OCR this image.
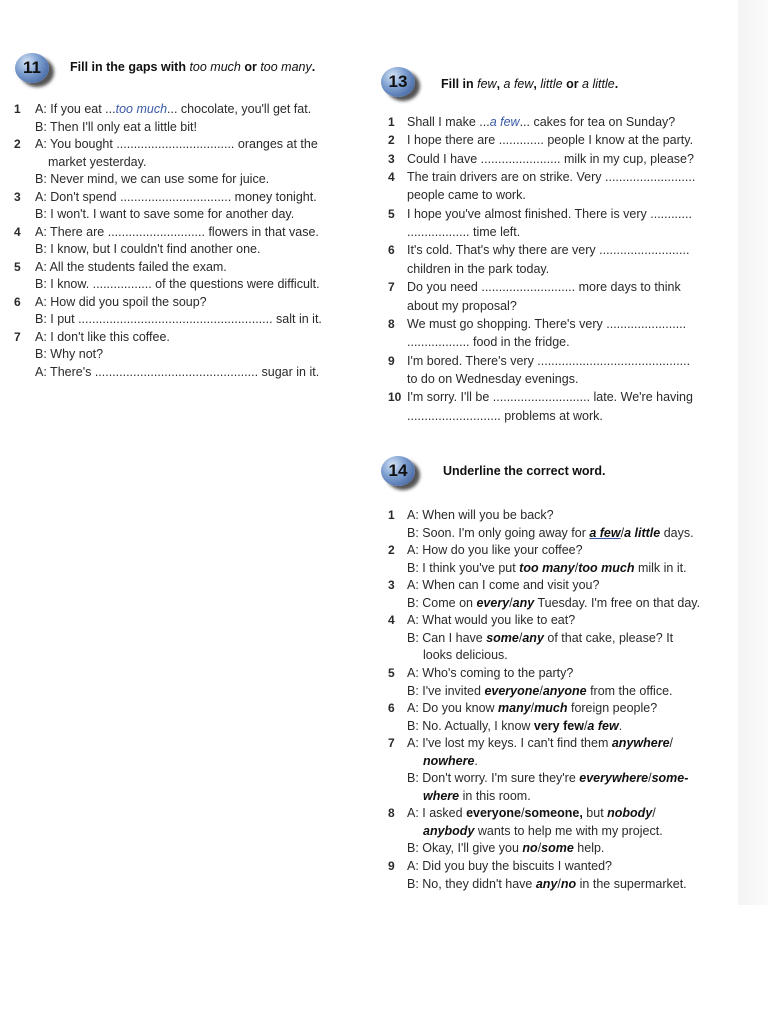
11	Fill in the gaps with too much or too many.
1 A: If you eat ...too much... chocolate, you'll get fat.
B: Then I'll only eat a little bit!
2 A: You bought .................................. oranges at the
market yesterday.
B: Never mind, we can use some for juice.
3 A: Don't spend ................................ money tonight.
B: I won't. I want to save some for another day.
4 A: There are ............................ flowers in that vase.
B: I know, but I couldn't find another one.
5 A: All the students failed the exam.
B: I know. ................. of the questions were difficult.
6 A: How did you spoil the soup?
B: I put ........................................................ salt in it.
7 A: I don't like this coffee.
B: Why not?
A: There's ............................................... sugar in it.
13	Fill in few, a few, little or a little.
1 Shall I make ...a few... cakes for tea on Sunday?
2 I hope there are ............. people I know at the party.
3 Could I have ....................... milk in my cup, please?
4 The train drivers are on strike. Very ..........................
people came to work.
5 I hope you've almost finished. There is very ............
.................. time left.
6 It's cold. That's why there are very ..........................
children in the park today.
7 Do you need ........................... more days to think
about my proposal?
8 We must go shopping. There's very .......................
.................. food in the fridge.
9 I'm bored. There's very ............................................
to do on Wednesday evenings.
10 I'm sorry. I'll be ............................ late. We're having
........................... problems at work.
14	Underline the correct word.
1 A: When will you be back?
B: Soon. I'm only going away for a few/a little days.
2 A: How do you like your coffee?
B: I think you've put too many/too much milk in it.
3 A: When can I come and visit you?
B: Come on every/any Tuesday. I'm free on that day.
4 A: What would you like to eat?
B: Can I have some/any of that cake, please? It
looks delicious.
5 A: Who's coming to the party?
B: I've invited everyone/anyone from the office.
6 A: Do you know many/much foreign people?
B: No. Actually, I know very few/a few.
7 A: I've lost my keys. I can't find them anywhere/
nowhere.
B: Don't worry. I'm sure they're everywhere/some-
where in this room.
8 A: I asked everyone/someone, but nobody/
anybody wants to help me with my project.
B: Okay, I'll give you no/some help.
9 A: Did you buy the biscuits I wanted?
B: No, they didn't have any/no in the supermarket.
